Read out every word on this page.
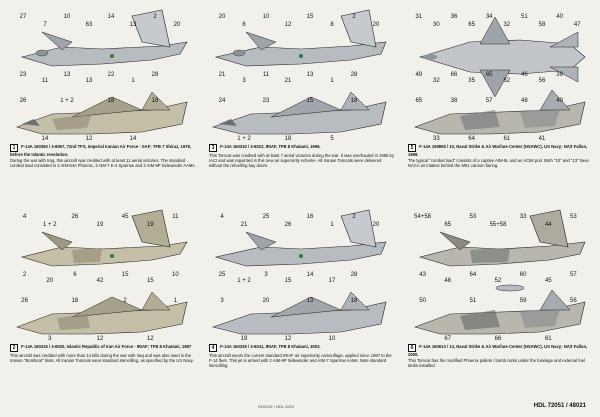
27
23
26
7
11
14
10
13
1 + 2
63
13
12
14
22
18
13
1
14
2
28
18
20
1 F-14A 160360 / 3-6067, 72nd TFS, Imperial Iranian Air Force - SAF; TFB 7 Shiraz, 1978, before the Islamic revolution.
During the war with Iraq, this aircraft was credited with at least 11 aerial victories. The standard combat load consisted in 2 AIM-54A Phoenix, 3 AIM-7 E-4 Sparrow and 2 AIM-9P Sidewinder AAMs.
20
21
24
6
3
1 + 2
10
11
23
12
21
18
15
13
15
8
1
5
2
28
18
20
3 F-14A 160330 / 3-6023, IRIAF, TFB 8 Khatami, 1996.
This Tomcat was credited with at least 7 aerial victories during the war. It was overhauled in 1995 by IACI and was repainted in this new air superiority scheme. All Iranian Tomcats were delivered without the refuelling bay doors.
31
49
65
30
32
33
36
66
38
65
35
64
34
65
57
32
62
61
51
46
48
58
56
41
40
39
40
47
5 F-14A 159855 / 10, Naval Strike & Air Warfare Center (NSAWC), US Navy; NAS Fallon, 1998.
The typical "combat load" consists of a captive AIM-9L and an ACMI pod. Both "10" and "13" have NACA air intakes behind the M61 cannon fairing.
4
2
26
1 + 2
20
3
26
6
18
19
42
12
45
15
2
19
15
12
11
10
1
2 F-14A 160316 / 3-6020, Islamic Republic of Iran Air Force - IRIAF; TFB 8 Khatami, 1987
This aircraft was credited with more than 14 kills during the war with Iraq and was also used in the Iranian "Bombcat" trials. All Iranian Tomcats wear standard stencilling, as specified by the US Navy.
4
25
3
21
1 + 2
19
25
3
20
26
15
12
16
14
13
1
17
10
2
28
18
20
4 F-14A 160339 / 3-6041, IRIAF, TFB 8 Khatami, 2003.
This aircraft wears the current standard IRIAF air superiority camouflage, applied since 1997 to the F-14 fleet. This jet is armed with 2 AIM-9P Sidewinder and AIM-7 Sparrow AAMs. Note standard stencilling.
54+58
43
50
65
48
67
53
64
51
55+58
52
66
33
60
59
44
45
61
53
57
56
6 F-14A 160913 / 13, Naval Strike & Air Warfare Center (NSAWC), US Navy; NAS Fallon, 2000.
This Tomcat has the modified Phoenix pallets / bomb racks under the fuselage and external fuel tanks installed.
ROGOZ / HDL 2003	HDL 72051 / 48021
